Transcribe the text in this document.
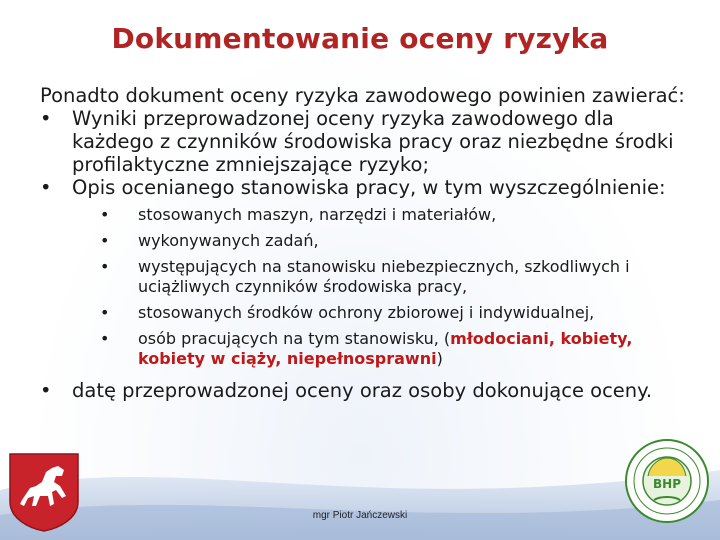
Dokumentowanie oceny ryzyka

Ponadto dokument oceny ryzyka zawodowego powinien zawierać:

• Wyniki przeprowadzonej oceny ryzyka zawodowego dla każdego z czynników środowiska pracy oraz niezbędne środki profilaktyczne zmniejszające ryzyko;
• Opis ocenianego stanowiska pracy, w tym wyszczególnienie:
• stosowanych maszyn, narzędzi i materiałów,
• wykonywanych zadań,
• występujących na stanowisku niebezpiecznych, szkodliwych i uciążliwych czynników środowiska pracy,
• stosowanych środków ochrony zbiorowej i indywidualnej,
• osób pracujących na tym stanowisku, (młodociani, kobiety, kobiety w ciąży, niepełnosprawni)
• datę przeprowadzonej oceny oraz osoby dokonujące oceny.
BHP
mgr Piotr Jańczewski
